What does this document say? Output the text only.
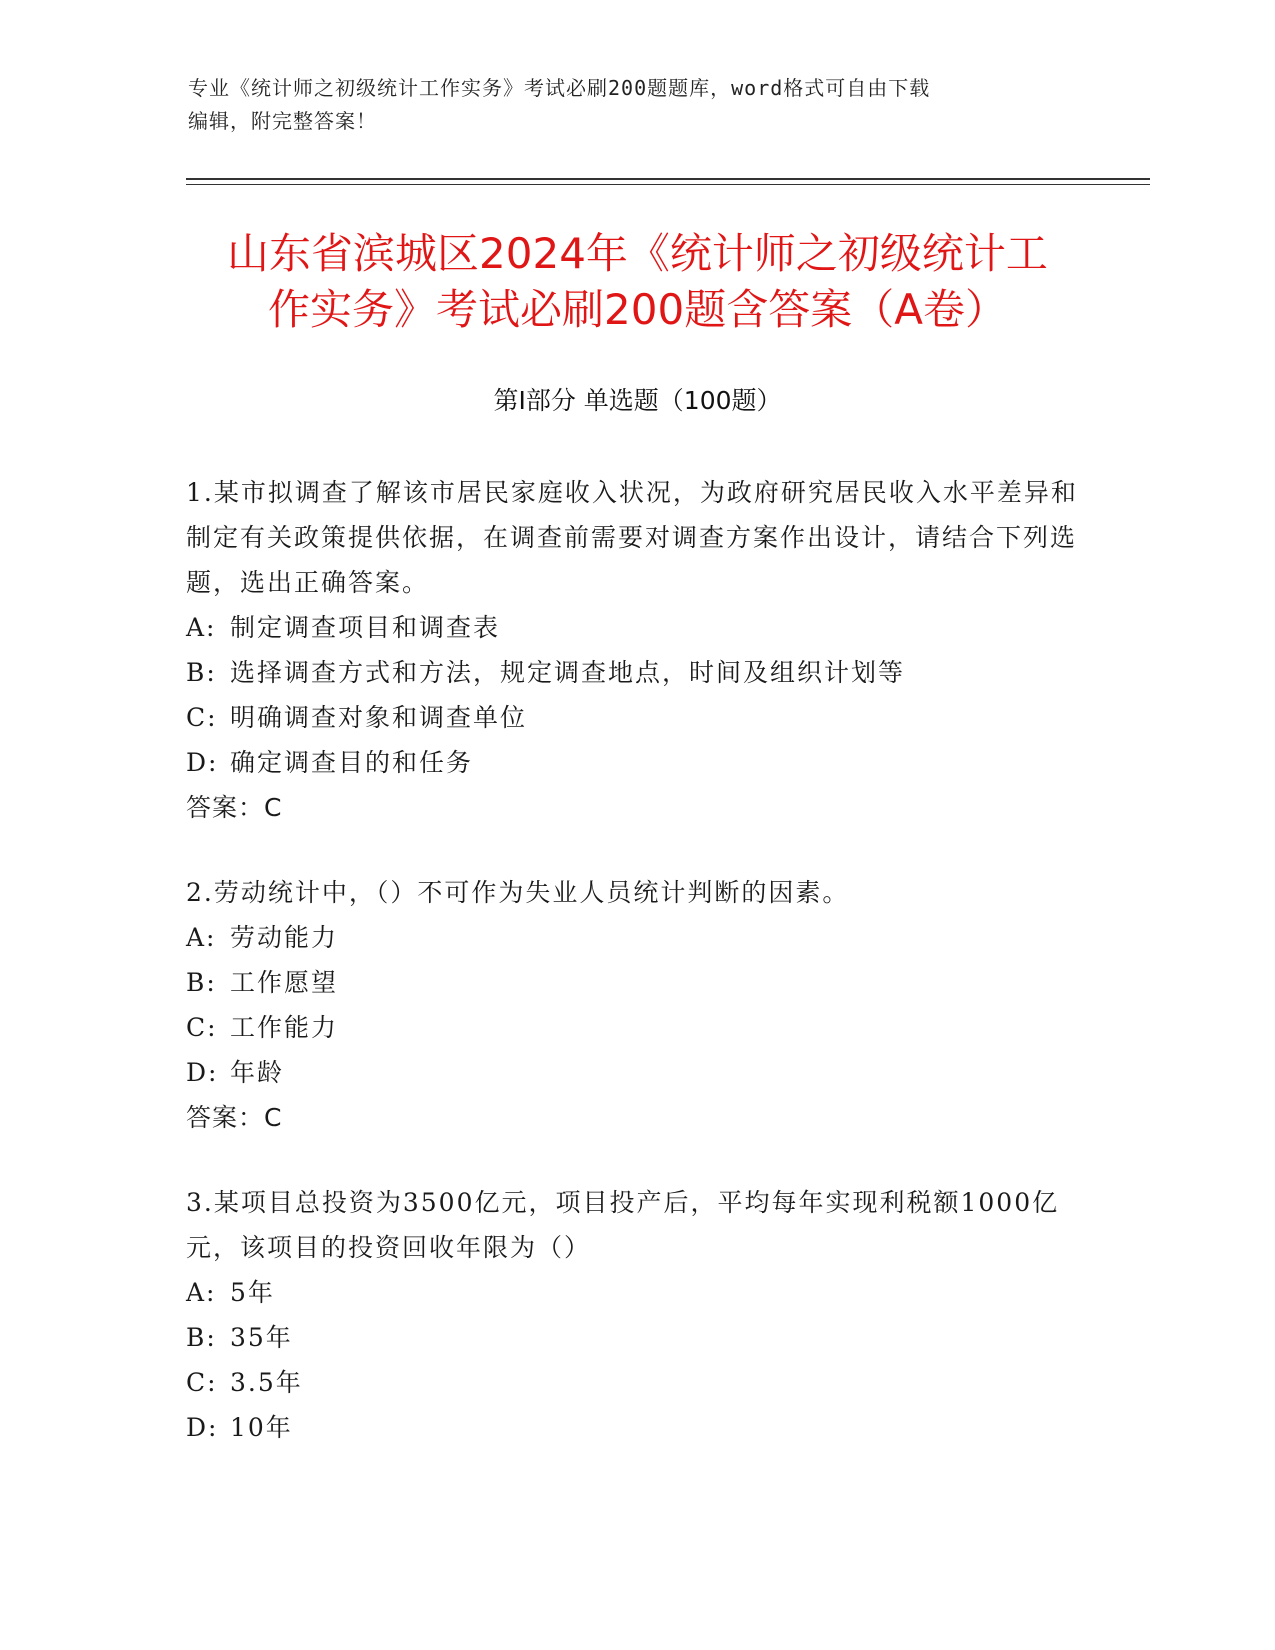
专业《统计师之初级统计工作实务》考试必刷200题题库，word格式可自由下载
编辑，附完整答案！
山东省滨城区2024年《统计师之初级统计工
作实务》考试必刷200题含答案（A卷）
第Ⅰ部分 单选题（100题）

1.某市拟调查了解该市居民家庭收入状况，为政府研究居民收入水平差异和制定有关政策提供依据，在调查前需要对调查方案作出设计，请结合下列选题，选出正确答案。

A: 制定调查项目和调查表
B: 选择调查方式和方法，规定调查地点，时间及组织计划等
C: 明确调查对象和调查单位
D: 确定调查目的和任务

答案：C

2.劳动统计中，（）不可作为失业人员统计判断的因素。

A: 劳动能力
B: 工作愿望
C: 工作能力
D: 年龄

答案：C

3.某项目总投资为3500亿元，项目投产后，平均每年实现利税额1000亿元，该项目的投资回收年限为（）

A: 5年
B: 35年
C: 3.5年
D: 10年
